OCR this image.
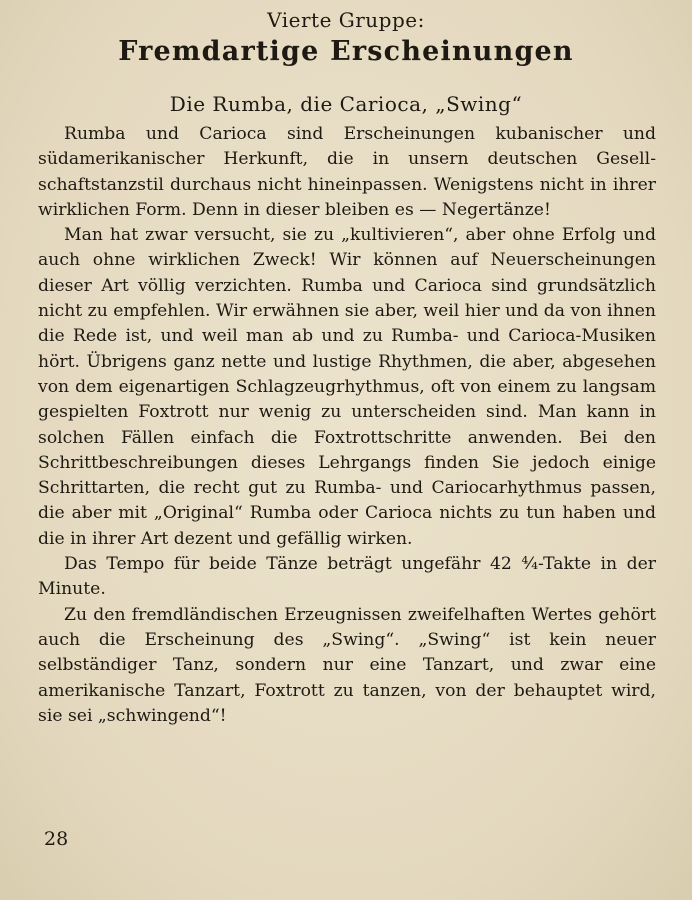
Vierte Gruppe:
Fremdartige Erscheinungen
Die Rumba, die Carioca, „Swing“

Rumba und Carioca sind Erscheinungen kubanischer und südamerikanischer Herkunft, die in unsern deutschen Gesellschaftstanzstil durchaus nicht hineinpassen. Wenigstens nicht in ihrer wirklichen Form. Denn in dieser bleiben es — Negertänze!

Man hat zwar versucht, sie zu „kultivieren“, aber ohne Erfolg und auch ohne wirklichen Zweck! Wir können auf Neuerscheinungen dieser Art völlig verzichten. Rumba und Carioca sind grundsätzlich nicht zu empfehlen. Wir erwähnen sie aber, weil hier und da von ihnen die Rede ist, und weil man ab und zu Rumba- und Carioca-Musiken hört. Übrigens ganz nette und lustige Rhythmen, die aber, abgesehen von dem eigenartigen Schlagzeugrhythmus, oft von einem zu langsam gespielten Foxtrott nur wenig zu unterscheiden sind. Man kann in solchen Fällen einfach die Foxtrottschritte anwenden. Bei den Schrittbeschreibungen dieses Lehrgangs finden Sie jedoch einige Schrittarten, die recht gut zu Rumba- und Cariocarhythmus passen, die aber mit „Original“ Rumba oder Carioca nichts zu tun haben und die in ihrer Art dezent und gefällig wirken.

Das Tempo für beide Tänze beträgt ungefähr 42 ⁴⁄₄-Takte in der Minute.

Zu den fremdländischen Erzeugnissen zweifelhaften Wertes gehört auch die Erscheinung des „Swing“. „Swing“ ist kein neuer selbständiger Tanz, sondern nur eine Tanzart, und zwar eine amerikanische Tanzart, Foxtrott zu tanzen, von der behauptet wird, sie sei „schwingend“!

28
